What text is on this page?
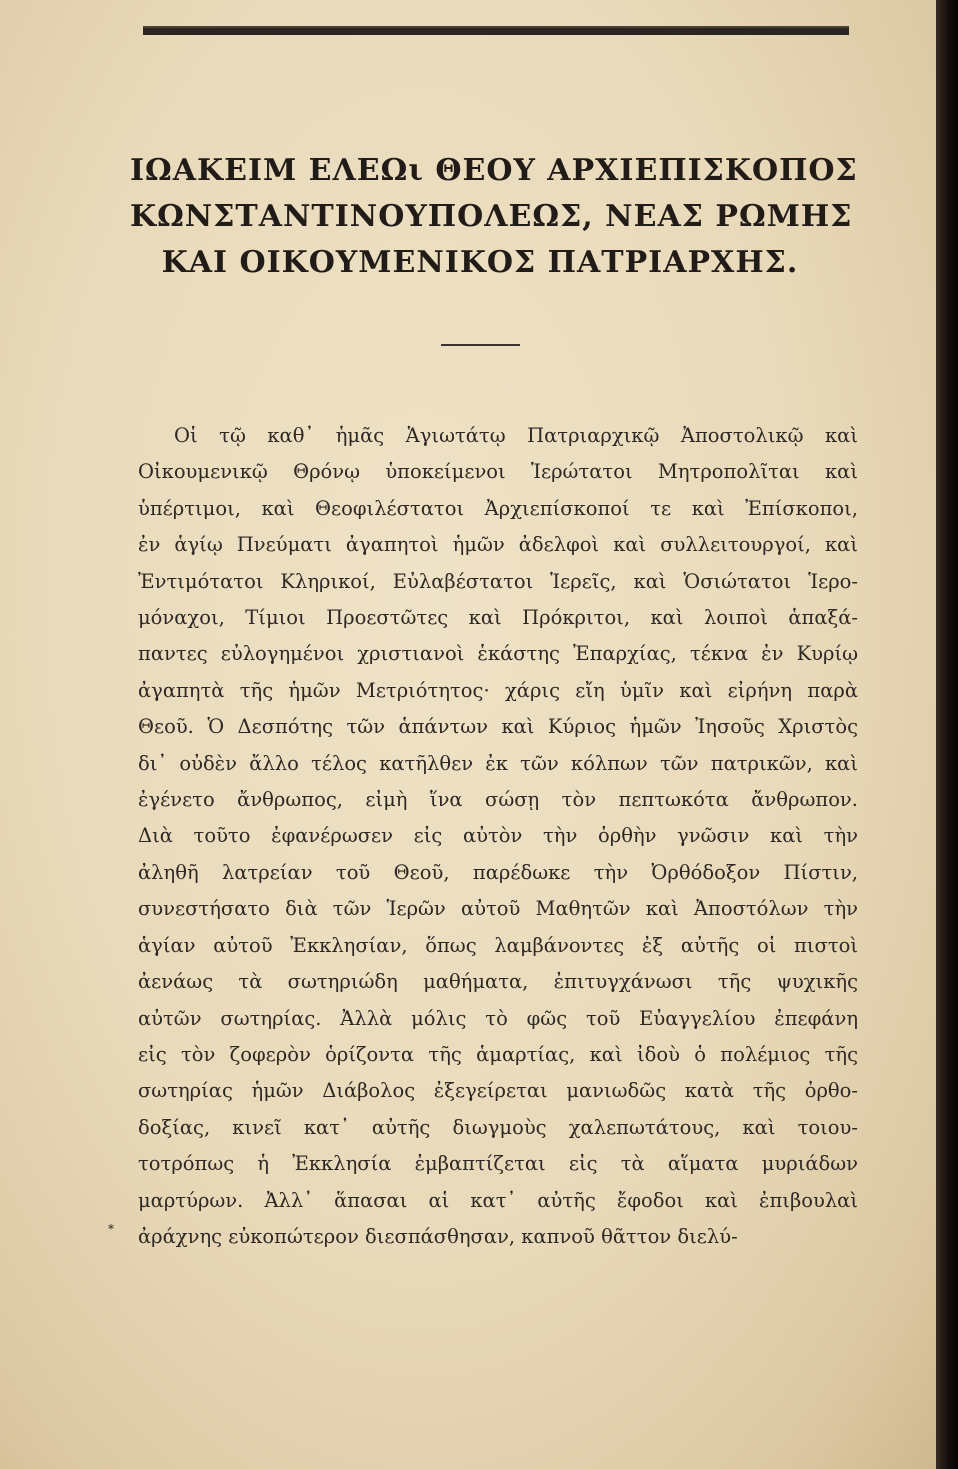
ΙΩΑΚΕΙΜ ΕΛΕΩι ΘΕΟΥ ΑΡΧΙΕΠΙΣΚΟΠΟΣ
ΚΩΝΣΤΑΝΤΙΝΟΥΠΟΛΕΩΣ, ΝΕΑΣ ΡΩΜΗΣ
ΚΑΙ ΟΙΚΟΥΜΕΝΙΚΟΣ ΠΑΤΡΙΑΡΧΗΣ.
Οἱ τῷ καθ᾽ ἡμᾶς Ἁγιωτάτῳ Πατριαρχικῷ Ἀποστολικῷ καὶ
Οἰκουμενικῷ Θρόνῳ ὑποκείμενοι Ἱερώτατοι Μητροπολῖται καὶ
ὑπέρτιμοι, καὶ Θεοφιλέστατοι Ἀρχιεπίσκοποί τε καὶ Ἐπίσκοποι,
ἐν ἁγίῳ Πνεύματι ἀγαπητοὶ ἡμῶν ἀδελφοὶ καὶ συλλειτουργοί, καὶ
Ἐντιμότατοι Κληρικοί, Εὐλαβέστατοι Ἱερεῖς, καὶ Ὁσιώτατοι Ἱερο-
μόναχοι, Τίμιοι Προεστῶτες καὶ Πρόκριτοι, καὶ λοιποὶ ἁπαξά-
παντες εὐλογημένοι χριστιανοὶ ἑκάστης Ἐπαρχίας, τέκνα ἐν Κυρίῳ
ἀγαπητὰ τῆς ἡμῶν Μετριότητος· χάρις εἴη ὑμῖν καὶ εἰρήνη παρὰ
Θεοῦ. Ὁ Δεσπότης τῶν ἁπάντων καὶ Κύριος ἡμῶν Ἰησοῦς Χριστὸς
δι᾽ οὐδὲν ἄλλο τέλος κατῆλθεν ἐκ τῶν κόλπων τῶν πατρικῶν, καὶ
ἐγένετο ἄνθρωπος, εἰμὴ ἵνα σώσῃ τὸν πεπτωκότα ἄνθρωπον.
Διὰ τοῦτο ἐφανέρωσεν εἰς αὐτὸν τὴν ὀρθὴν γνῶσιν καὶ τὴν
ἀληθῆ λατρείαν τοῦ Θεοῦ, παρέδωκε τὴν Ὀρθόδοξον Πίστιν,
συνεστήσατο διὰ τῶν Ἱερῶν αὐτοῦ Μαθητῶν καὶ Ἀποστόλων τὴν
ἁγίαν αὐτοῦ Ἐκκλησίαν, ὅπως λαμβάνοντες ἐξ αὐτῆς οἱ πιστοὶ
ἀενάως τὰ σωτηριώδη μαθήματα, ἐπιτυγχάνωσι τῆς ψυχικῆς
αὐτῶν σωτηρίας. Ἀλλὰ μόλις τὸ φῶς τοῦ Εὐαγγελίου ἐπεφάνη
εἰς τὸν ζοφερὸν ὁρίζοντα τῆς ἁμαρτίας, καὶ ἰδοὺ ὁ πολέμιος τῆς
σωτηρίας ἡμῶν Διάβολος ἐξεγείρεται μανιωδῶς κατὰ τῆς ὀρθο-
δοξίας, κινεῖ κατ᾽ αὐτῆς διωγμοὺς χαλεπωτάτους, καὶ τοιου-
τοτρόπως ἡ Ἐκκλησία ἐμβαπτίζεται εἰς τὰ αἵματα μυριάδων
μαρτύρων. Ἀλλ᾽ ἅπασαι αἱ κατ᾽ αὐτῆς ἔφοδοι καὶ ἐπιβουλαὶ
ἀράχνης εὐκοπώτερον διεσπάσθησαν, καπνοῦ θᾶττον διελύ-
*
